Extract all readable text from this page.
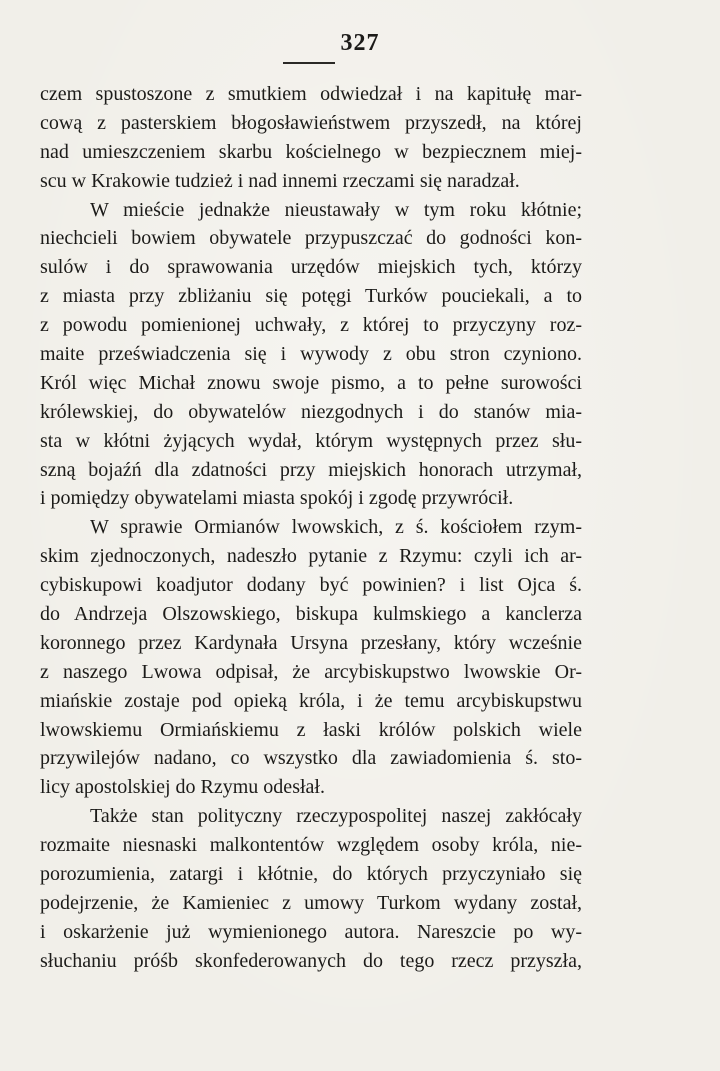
327
czem spustoszone z smutkiem odwiedzał i na kapitułę mar-
cową z pasterskiem błogosławieństwem przyszedł, na której
nad umieszczeniem skarbu kościelnego w bezpiecznem miej-
scu w Krakowie tudzież i nad innemi rzeczami się naradzał.
W mieście jednakże nieustawały w tym roku kłótnie;
niechcieli bowiem obywatele przypuszczać do godności kon-
sulów i do sprawowania urzędów miejskich tych, którzy
z miasta przy zbliżaniu się potęgi Turków pouciekali, a to
z powodu pomienionej uchwały, z której to przyczyny roz-
maite przeświadczenia się i wywody z obu stron czyniono.
Król więc Michał znowu swoje pismo, a to pełne surowości
królewskiej, do obywatelów niezgodnych i do stanów mia-
sta w kłótni żyjących wydał, którym występnych przez słu-
szną bojaźń dla zdatności przy miejskich honorach utrzymał,
i pomiędzy obywatelami miasta spokój i zgodę przywrócił.
W sprawie Ormianów lwowskich, z ś. kościołem rzym-
skim zjednoczonych, nadeszło pytanie z Rzymu: czyli ich ar-
cybiskupowi koadjutor dodany być powinien? i list Ojca ś.
do Andrzeja Olszowskiego, biskupa kulmskiego a kanclerza
koronnego przez Kardynała Ursyna przesłany, który wcześnie
z naszego Lwowa odpisał, że arcybiskupstwo lwowskie Or-
miańskie zostaje pod opieką króla, i że temu arcybiskupstwu
lwowskiemu Ormiańskiemu z łaski królów polskich wiele
przywilejów nadano, co wszystko dla zawiadomienia ś. sto-
licy apostolskiej do Rzymu odesłał.
Także stan polityczny rzeczypospolitej naszej zakłócały
rozmaite niesnaski malkontentów względem osoby króla, nie-
porozumienia, zatargi i kłótnie, do których przyczyniało się
podejrzenie, że Kamieniec z umowy Turkom wydany został,
i oskarżenie już wymienionego autora. Nareszcie po wy-
słuchaniu próśb skonfederowanych do tego rzecz przyszła,
